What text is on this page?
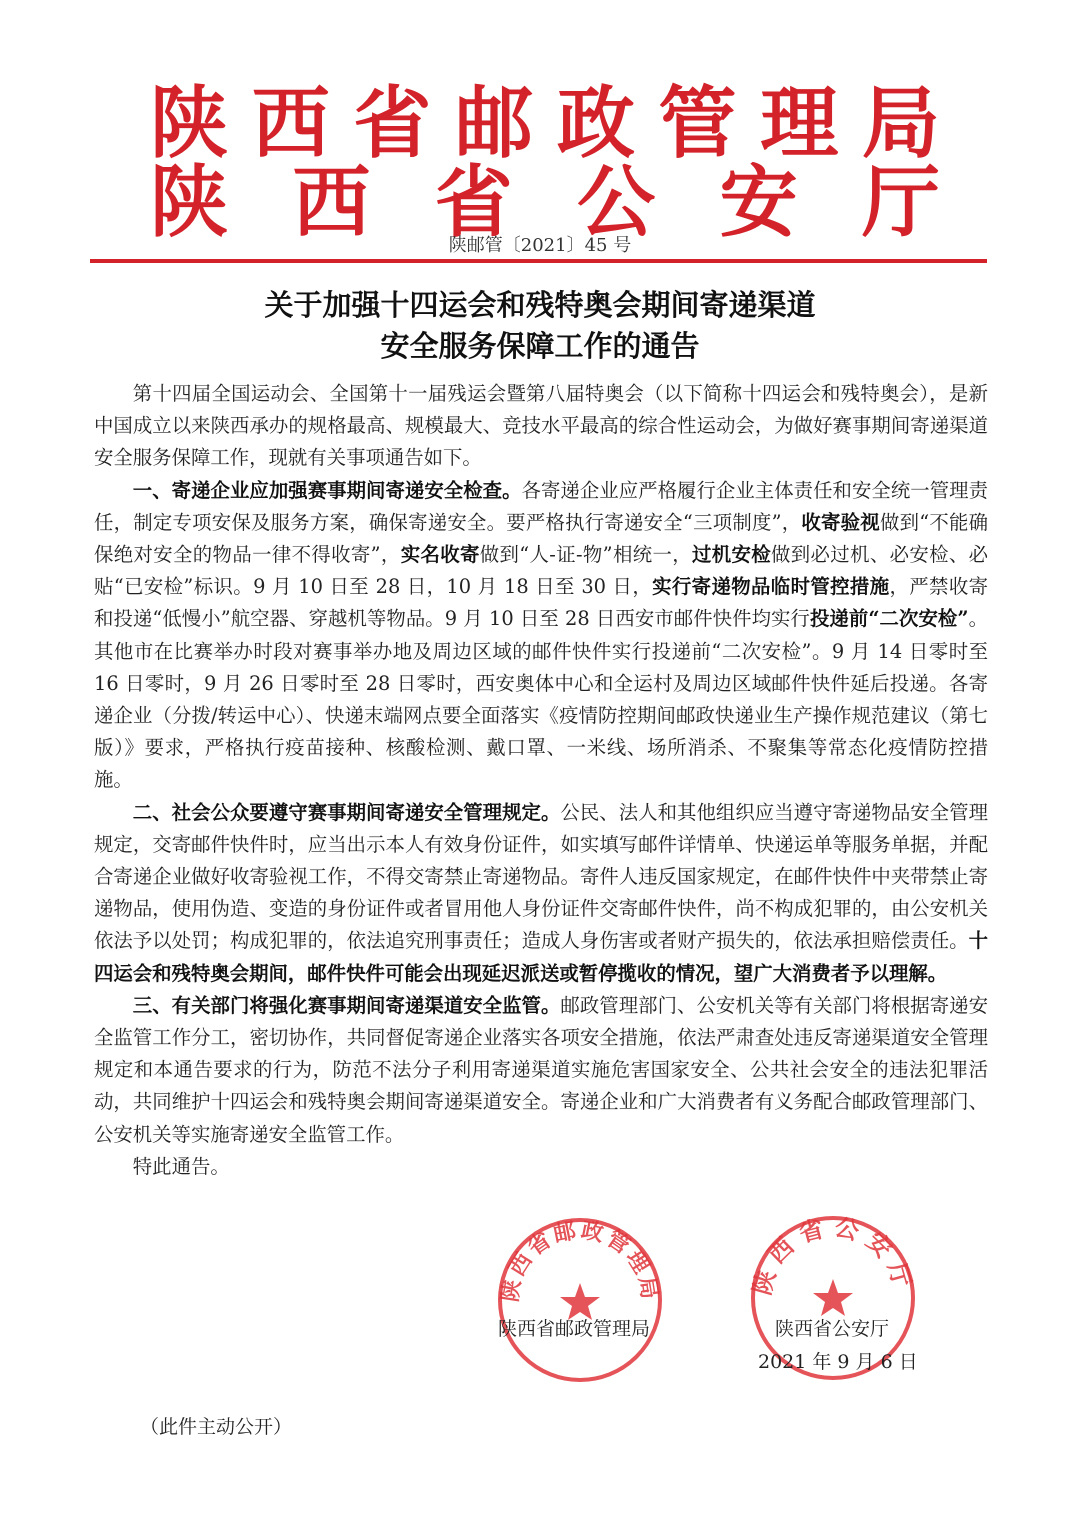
陕 西 省 邮 政 管 理 局
陕 西 省 公 安 厅
陕邮管〔2021〕45 号
关于加强十四运会和残特奥会期间寄递渠道
安全服务保障工作的通告

第十四届全国运动会、全国第十一届残运会暨第八届特奥会（以下简称十四运会和残特奥会），是新中国成立以来陕西承办的规格最高、规模最大、竞技水平最高的综合性运动会，为做好赛事期间寄递渠道安全服务保障工作，现就有关事项通告如下。

一、寄递企业应加强赛事期间寄递安全检查。各寄递企业应严格履行企业主体责任和安全统一管理责任，制定专项安保及服务方案，确保寄递安全。要严格执行寄递安全“三项制度”，收寄验视做到“不能确保绝对安全的物品一律不得收寄”，实名收寄做到“人-证-物”相统一，过机安检做到必过机、必安检、必贴“已安检”标识。9 月 10 日至 28 日，10 月 18 日至 30 日，实行寄递物品临时管控措施，严禁收寄和投递“低慢小”航空器、穿越机等物品。9 月 10 日至 28 日西安市邮件快件均实行投递前“二次安检”。其他市在比赛举办时段对赛事举办地及周边区域的邮件快件实行投递前“二次安检”。9 月 14 日零时至 16 日零时，9 月 26 日零时至 28 日零时，西安奥体中心和全运村及周边区域邮件快件延后投递。各寄递企业（分拨/转运中心）、快递末端网点要全面落实《疫情防控期间邮政快递业生产操作规范建议（第七版）》要求，严格执行疫苗接种、核酸检测、戴口罩、一米线、场所消杀、不聚集等常态化疫情防控措施。

二、社会公众要遵守赛事期间寄递安全管理规定。公民、法人和其他组织应当遵守寄递物品安全管理规定，交寄邮件快件时，应当出示本人有效身份证件，如实填写邮件详情单、快递运单等服务单据，并配合寄递企业做好收寄验视工作，不得交寄禁止寄递物品。寄件人违反国家规定，在邮件快件中夹带禁止寄递物品，使用伪造、变造的身份证件或者冒用他人身份证件交寄邮件快件，尚不构成犯罪的，由公安机关依法予以处罚；构成犯罪的，依法追究刑事责任；造成人身伤害或者财产损失的，依法承担赔偿责任。十四运会和残特奥会期间，邮件快件可能会出现延迟派送或暂停揽收的情况，望广大消费者予以理解。

三、有关部门将强化赛事期间寄递渠道安全监管。邮政管理部门、公安机关等有关部门将根据寄递安全监管工作分工，密切协作，共同督促寄递企业落实各项安全措施，依法严肃查处违反寄递渠道安全管理规定和本通告要求的行为，防范不法分子利用寄递渠道实施危害国家安全、公共社会安全的违法犯罪活动，共同维护十四运会和残特奥会期间寄递渠道安全。寄递企业和广大消费者有义务配合邮政管理部门、公安机关等实施寄递安全监管工作。

特此通告。

陕西省邮政管理局	陕西省公安厅
陕西省邮政管理局	陕西省公安厅
2021 年 9 月 6 日
（此件主动公开）
